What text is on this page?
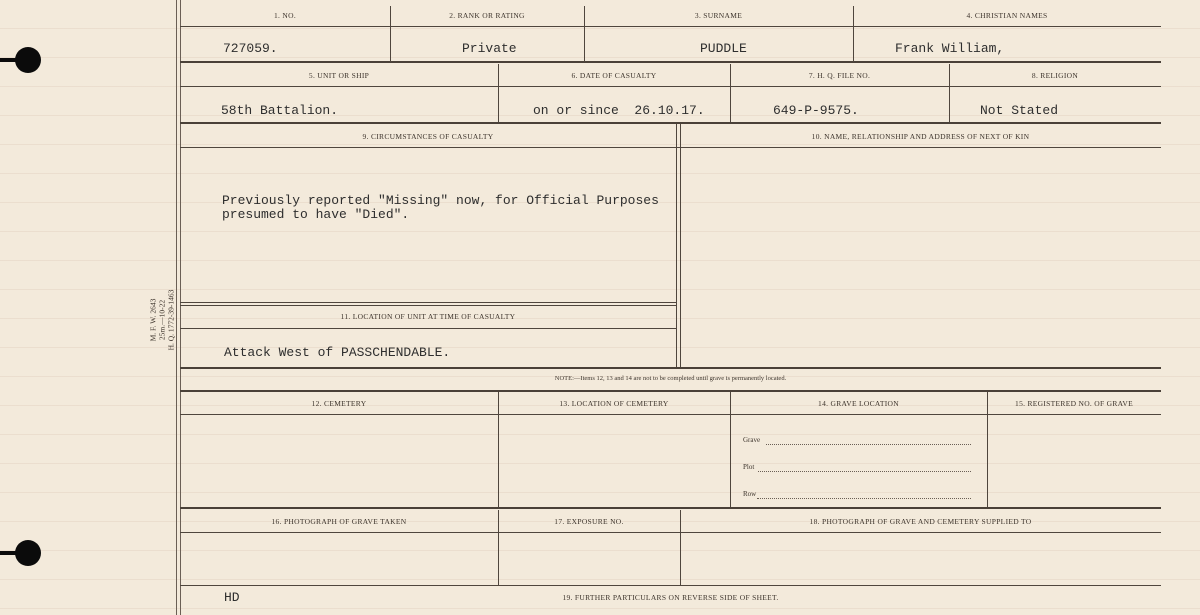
M. F. W. 2643 25m.—10-22 H. Q. 1772-39-1463
1. NO.	2. RANK OR RATING	3. SURNAME	4. CHRISTIAN NAMES
727059.	Private	PUDDLE	Frank William,
5. UNIT OR SHIP	6. DATE OF CASUALTY	7. H. Q. FILE NO.	8. RELIGION
58th Battalion.	on or since  26.10.17.	649-P-9575.	Not Stated
9. CIRCUMSTANCES OF CASUALTY	10. NAME, RELATIONSHIP AND ADDRESS OF NEXT OF KIN
Previously reported "Missing" now, for Official Purposes
presumed to have "Died".
11. LOCATION OF UNIT AT TIME OF CASUALTY
Attack West of PASSCHENDABLE.
NOTE:—Items 12, 13 and 14 are not to be completed until grave is permanently located.
12. CEMETERY	13. LOCATION OF CEMETERY	14. GRAVE LOCATION	15. REGISTERED NO. OF GRAVE
Grave
Plot
Row
16. PHOTOGRAPH OF GRAVE TAKEN	17. EXPOSURE NO.	18. PHOTOGRAPH OF GRAVE AND CEMETERY SUPPLIED TO
HD	19. FURTHER PARTICULARS ON REVERSE SIDE OF SHEET.
